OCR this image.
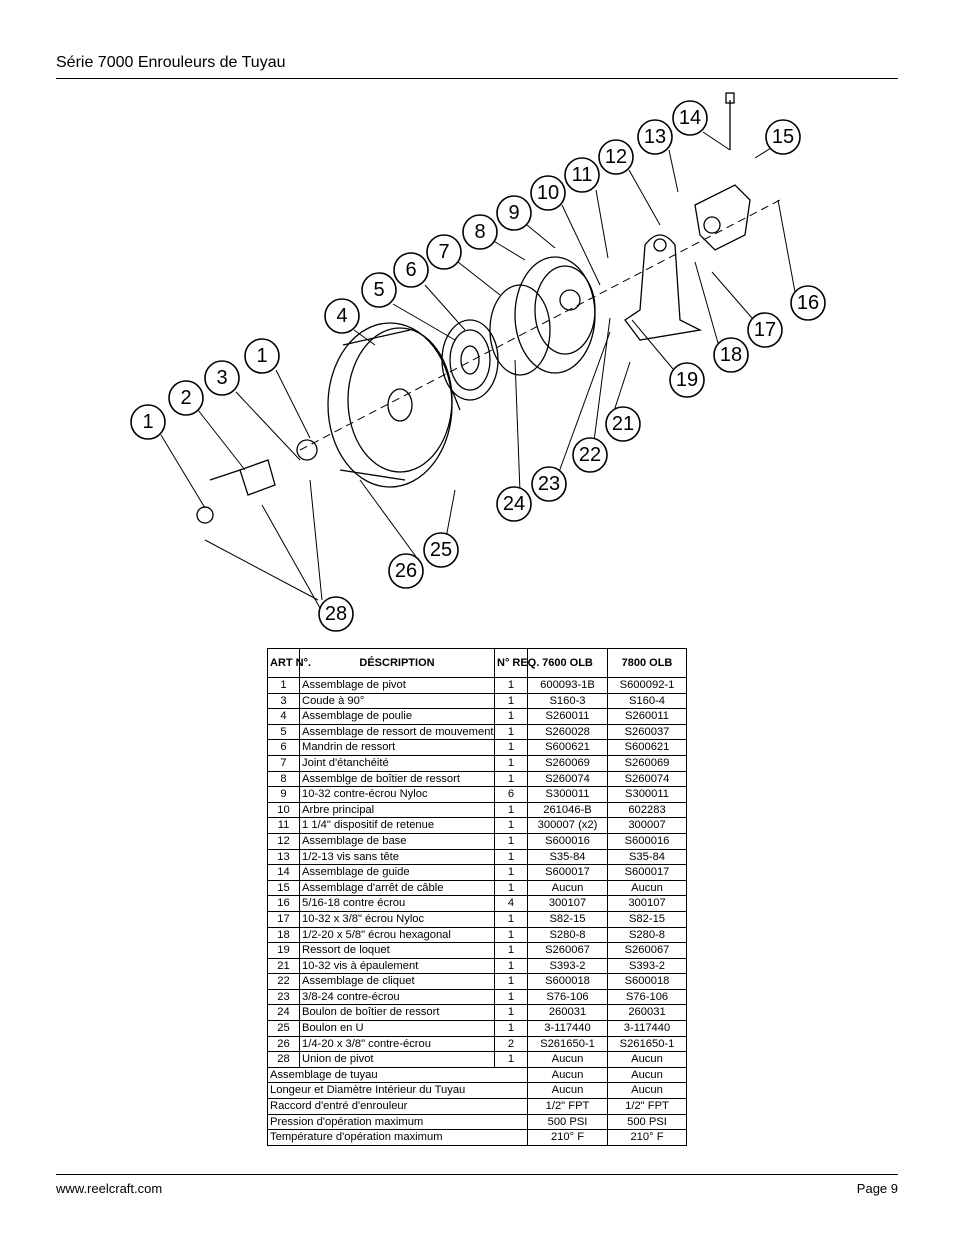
Série 7000 Enrouleurs de Tuyau
1
1
2
3
4
5
6
7
8
9
10
11
12
13
14
15
16
17
18
19
21
22
23
24
25
26
28
ART N°.	DÉSCRIPTION	N° REQ.	7600 OLB	7800 OLB
1	Assemblage de pivot	1	600093-1B	S600092-1
3	Coude à 90°	1	S160-3	S160-4
4	Assemblage de poulie	1	S260011	S260011
5	Assemblage de ressort de mouvement	1	S260028	S260037
6	Mandrin de ressort	1	S600621	S600621
7	Joint d'étanchéité	1	S260069	S260069
8	Assemblge de boîtier de ressort	1	S260074	S260074
9	10-32 contre-écrou Nyloc	6	S300011	S300011
10	Arbre principal	1	261046-B	602283
11	1 1/4" dispositif de retenue	1	300007 (x2)	300007
12	Assemblage de base	1	S600016	S600016
13	1/2-13 vis sans tête	1	S35-84	S35-84
14	Assemblage de guide	1	S600017	S600017
15	Assemblage d'arrêt de câble	1	Aucun	Aucun
16	5/16-18 contre écrou	4	300107	300107
17	10-32 x 3/8" écrou Nyloc	1	S82-15	S82-15
18	1/2-20 x 5/8" écrou hexagonal	1	S280-8	S280-8
19	Ressort de loquet	1	S260067	S260067
21	10-32 vis à épaulement	1	S393-2	S393-2
22	Assemblage de cliquet	1	S600018	S600018
23	3/8-24 contre-écrou	1	S76-106	S76-106
24	Boulon de boîtier de ressort	1	260031	260031
25	Boulon en U	1	3-117440	3-117440
26	1/4-20 x 3/8" contre-écrou	2	S261650-1	S261650-1
28	Union de pivot	1	Aucun	Aucun
Assemblage de tuyau			Aucun	Aucun
Longeur et Diamètre Intérieur du Tuyau			Aucun	Aucun
Raccord d'entré d'enrouleur			1/2" FPT	1/2" FPT
Pression d'opération maximum			500 PSI	500 PSI
Température d'opération maximum			210° F	210° F
www.reelcraft.com	Page 9
